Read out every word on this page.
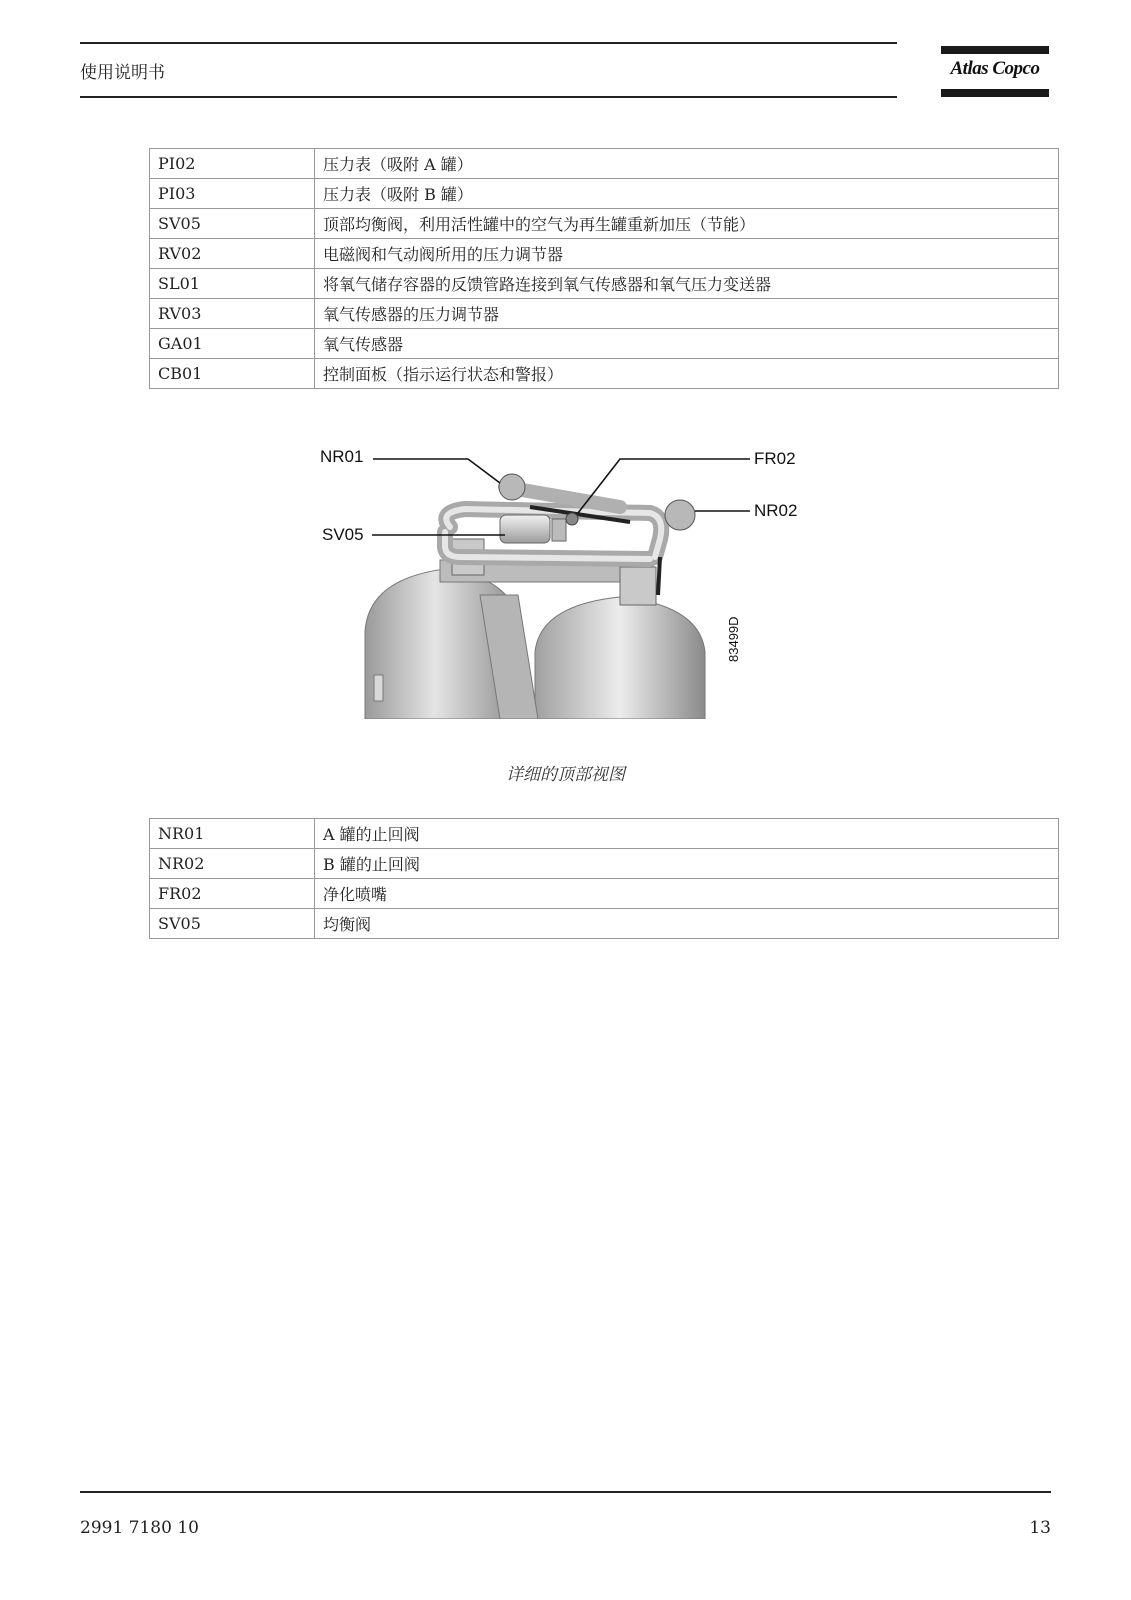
使用说明书	Atlas Copco
PI02	压力表（吸附 A 罐）
PI03	压力表（吸附 B 罐）
SV05	顶部均衡阀，利用活性罐中的空气为再生罐重新加压（节能）
RV02	电磁阀和气动阀所用的压力调节器
SL01	将氧气储存容器的反馈管路连接到氧气传感器和氧气压力变送器
RV03	氧气传感器的压力调节器
GA01	氧气传感器
CB01	控制面板（指示运行状态和警报）
NR01	FR02
NR02
SV05
83499D
详细的顶部视图
NR01	A 罐的止回阀
NR02	B 罐的止回阀
FR02	净化喷嘴
SV05	均衡阀
2991 7180 10	13
